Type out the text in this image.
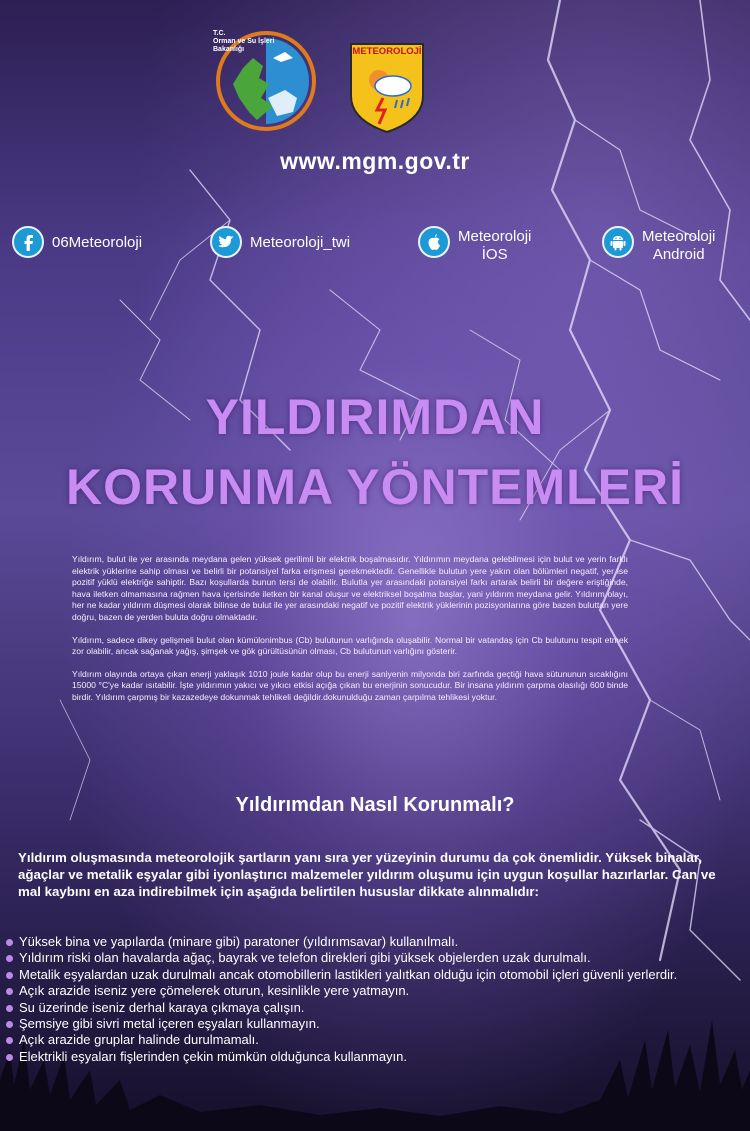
T.C.
Orman ve Su İşleri
Bakanlığı	METEOROLOJİ
www.mgm.gov.tr
06Meteoroloji	Meteoroloji_twi	Meteoroloji
İOS
Meteoroloji
Android
YILDIRIMDAN
KORUNMA YÖNTEMLERİ

Yıldırım, bulut ile yer arasında meydana gelen yüksek gerilimli bir elektrik boşalmasıdır. Yıldırımın meydana gelebilmesi için bulut ve yerin farklı elektrik yüklerine sahip olması ve belirli bir potansiyel farka erişmesi gerekmektedir. Genellikle bulutun yere yakın olan bölümleri negatif, yer ise pozitif yüklü elektriğe sahiptir. Bazı koşullarda bunun tersi de olabilir. Bulutla yer arasındaki potansiyel farkı artarak belirli bir değere eriştiğinde, hava iletken olmamasına rağmen hava içerisinde iletken bir kanal oluşur ve elektriksel boşalma başlar, yani yıldırım meydana gelir. Yıldırım olayı, her ne kadar yıldırım düşmesi olarak bilinse de bulut ile yer arasındaki negatif ve pozitif elektrik yüklerinin pozisyonlarına göre bazen buluttan yere doğru, bazen de yerden buluta doğru olmaktadır.

Yıldırım, sadece dikey gelişmeli bulut olan kümülonimbus (Cb) bulutunun varlığında oluşabilir. Normal bir vatandaş için Cb bulutunu tespit etmek zor olabilir, ancak sağanak yağış, şimşek ve gök gürültüsünün olması, Cb bulutunun varlığını gösterir.

Yıldırım olayında ortaya çıkan enerji yaklaşık 1010 joule kadar olup bu enerji saniyenin milyonda biri zarfında geçtiği hava sütununun sıcaklığını 15000 °C'ye kadar ısıtabilir. İşte yıldırımın yakıcı ve yıkıcı etkisi açığa çıkan bu enerjinin sonucudur. Bir insana yıldırım çarpma olasılığı 600 binde birdir. Yıldırım çarpmış bir kazazedeye dokunmak tehlikeli değildir.dokunulduğu zaman çarpılma tehlikesi yoktur.

Yıldırımdan Nasıl Korunmalı?
Yıldırım oluşmasında meteorolojik şartların yanı sıra yer yüzeyinin durumu da çok önemlidir. Yüksek binalar, ağaçlar ve metalik eşyalar gibi iyonlaştırıcı malzemeler yıldırım oluşumu için uygun koşullar hazırlarlar. Can ve mal kaybını en aza indirebilmek için aşağıda belirtilen hususlar dikkate alınmalıdır:
Yüksek bina ve yapılarda (minare gibi) paratoner (yıldırımsavar) kullanılmalı.
Yıldırım riski olan havalarda ağaç, bayrak ve telefon direkleri gibi yüksek objelerden uzak durulmalı.
Metalik eşyalardan uzak durulmalı ancak otomobillerin lastikleri yalıtkan olduğu için otomobil içleri güvenli yerlerdir.
Açık arazide iseniz yere çömelerek oturun, kesinlikle yere yatmayın.
Su üzerinde iseniz derhal karaya çıkmaya çalışın.
Şemsiye gibi sivri metal içeren eşyaları kullanmayın.
Açık arazide gruplar halinde durulmamalı.
Elektrikli eşyaları fişlerinden çekin mümkün olduğunca kullanmayın.
